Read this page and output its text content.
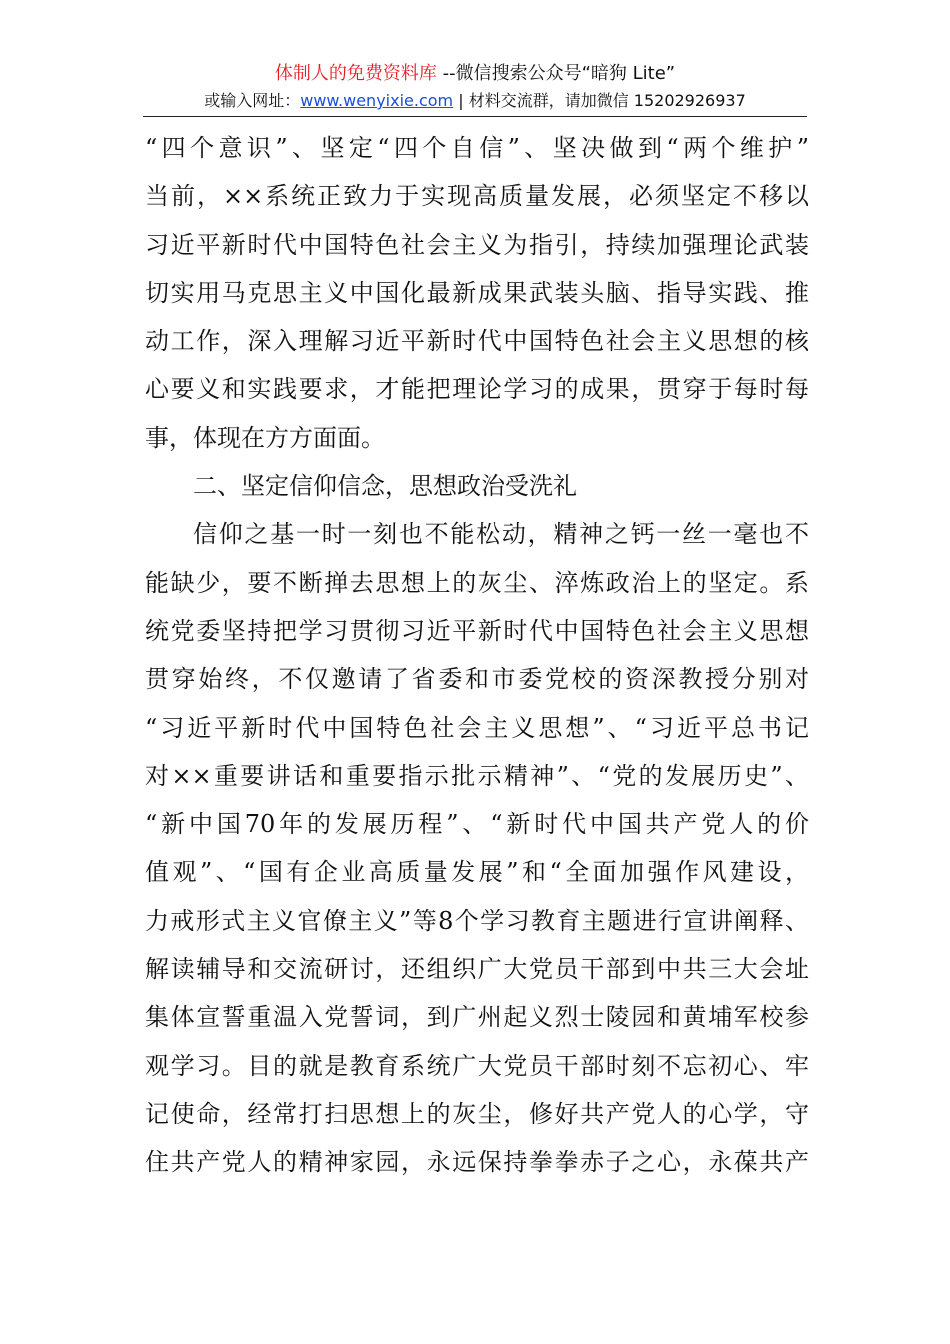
体制人的免费资料库 --微信搜索公众号“暗狗 Lite”
或输入网址：www.wenyixie.com | 材料交流群，请加微信 15202926937
“四个意识”、坚定“四个自信”、坚决做到“两个维护”
当前，××系统正致力于实现高质量发展，必须坚定不移以
习近平新时代中国特色社会主义为指引，持续加强理论武装
切实用马克思主义中国化最新成果武装头脑、指导实践、推
动工作，深入理解习近平新时代中国特色社会主义思想的核
心要义和实践要求，才能把理论学习的成果，贯穿于每时每
事，体现在方方面面。
二、坚定信仰信念，思想政治受洗礼
信仰之基一时一刻也不能松动，精神之钙一丝一毫也不
能缺少，要不断掸去思想上的灰尘、淬炼政治上的坚定。系
统党委坚持把学习贯彻习近平新时代中国特色社会主义思想
贯穿始终，不仅邀请了省委和市委党校的资深教授分别对
“习近平新时代中国特色社会主义思想”、“习近平总书记
对××重要讲话和重要指示批示精神”、“党的发展历史”、
“新中国70年的发展历程”、“新时代中国共产党人的价
值观”、“国有企业高质量发展”和“全面加强作风建设，
力戒形式主义官僚主义”等8个学习教育主题进行宣讲阐释、
解读辅导和交流研讨，还组织广大党员干部到中共三大会址
集体宣誓重温入党誓词，到广州起义烈士陵园和黄埔军校参
观学习。目的就是教育系统广大党员干部时刻不忘初心、牢
记使命，经常打扫思想上的灰尘，修好共产党人的心学，守
住共产党人的精神家园，永远保持拳拳赤子之心，永葆共产
